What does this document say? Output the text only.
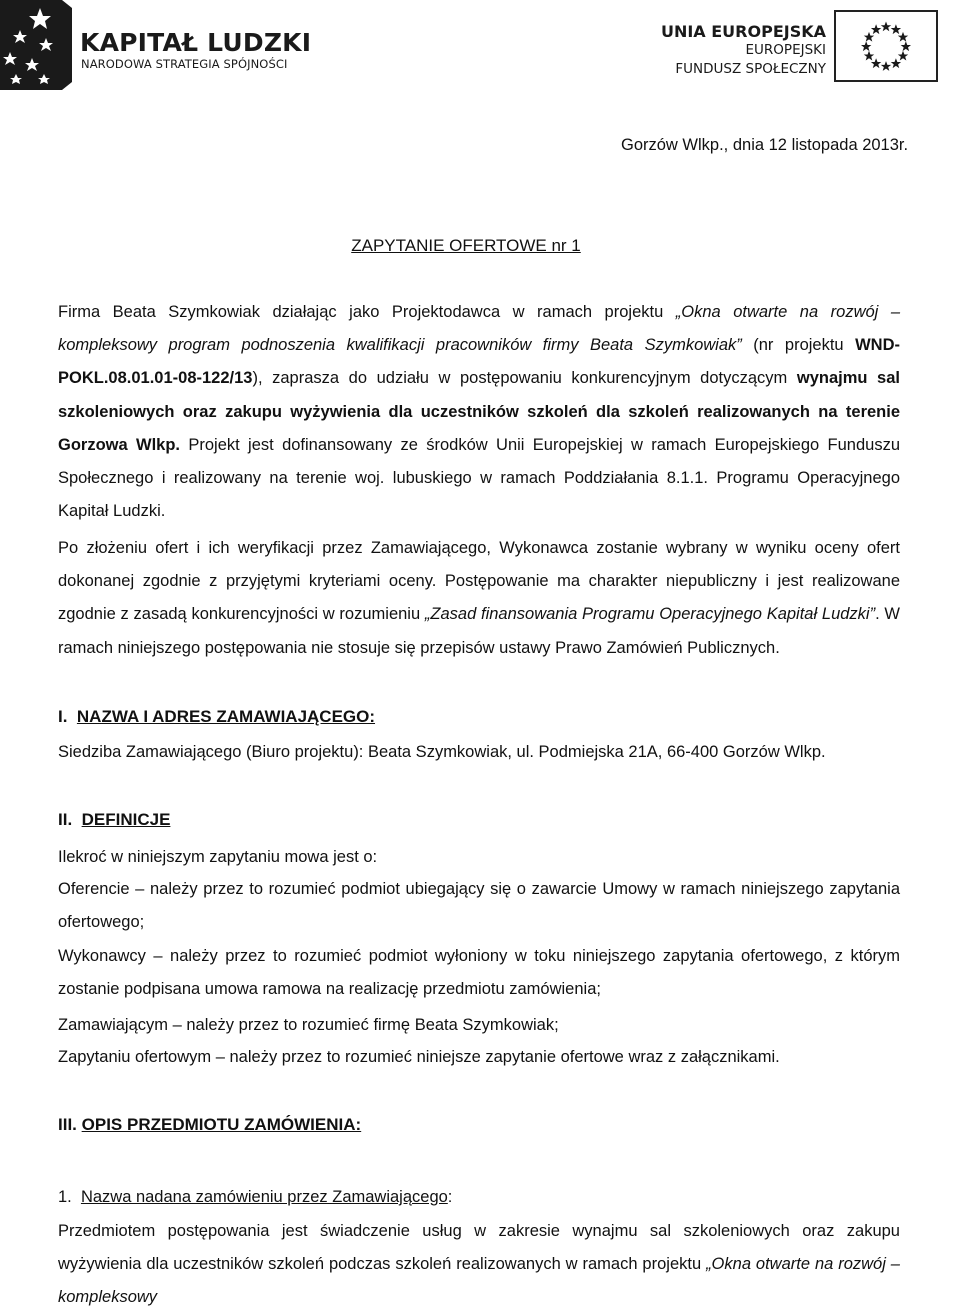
KAPITAŁ LUDZKI
NARODOWA STRATEGIA SPÓJNOŚCI
UNIA EUROPEJSKA
EUROPEJSKI
FUNDUSZ SPOŁECZNY
Gorzów Wlkp., dnia 12 listopada 2013r.
ZAPYTANIE OFERTOWE nr 1
Firma Beata Szymkowiak działając jako Projektodawca w ramach projektu „Okna otwarte na rozwój – kompleksowy program podnoszenia kwalifikacji pracowników firmy Beata Szymkowiak” (nr projektu WND-POKL.08.01.01-08-122/13), zaprasza do udziału w postępowaniu konkurencyjnym dotyczącym wynajmu sal szkoleniowych oraz zakupu wyżywienia dla uczestników szkoleń dla szkoleń realizowanych na terenie Gorzowa Wlkp. Projekt jest dofinansowany ze środków Unii Europejskiej w ramach Europejskiego Funduszu Społecznego i realizowany na terenie woj. lubuskiego w ramach Poddziałania 8.1.1. Programu Operacyjnego Kapitał Ludzki.
Po złożeniu ofert i ich weryfikacji przez Zamawiającego, Wykonawca zostanie wybrany w wyniku oceny ofert dokonanej zgodnie z przyjętymi kryteriami oceny. Postępowanie ma charakter niepubliczny i jest realizowane zgodnie z zasadą konkurencyjności w rozumieniu „Zasad finansowania Programu Operacyjnego Kapitał Ludzki”. W ramach niniejszego postępowania nie stosuje się przepisów ustawy Prawo Zamówień Publicznych.
I. NAZWA I ADRES ZAMAWIAJĄCEGO:
Siedziba Zamawiającego (Biuro projektu): Beata Szymkowiak, ul. Podmiejska 21A, 66-400 Gorzów Wlkp.
II. DEFINICJE
Ilekroć w niniejszym zapytaniu mowa jest o:
Oferencie – należy przez to rozumieć podmiot ubiegający się o zawarcie Umowy w ramach niniejszego zapytania ofertowego;
Wykonawcy – należy przez to rozumieć podmiot wyłoniony w toku niniejszego zapytania ofertowego, z którym zostanie podpisana umowa ramowa na realizację przedmiotu zamówienia;
Zamawiającym – należy przez to rozumieć firmę Beata Szymkowiak;
Zapytaniu ofertowym – należy przez to rozumieć niniejsze zapytanie ofertowe wraz z załącznikami.
III. OPIS PRZEDMIOTU ZAMÓWIENIA:
1. Nazwa nadana zamówieniu przez Zamawiającego:
Przedmiotem postępowania jest świadczenie usług w zakresie wynajmu sal szkoleniowych oraz zakupu wyżywienia dla uczestników szkoleń podczas szkoleń realizowanych w ramach projektu „Okna otwarte na rozwój – kompleksowy
